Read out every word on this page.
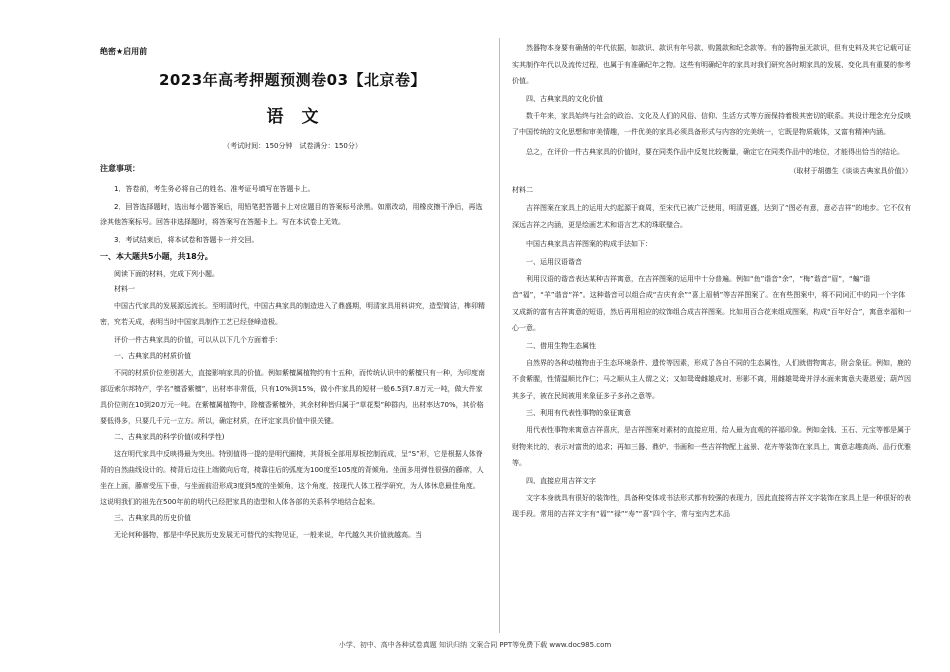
绝密★启用前
2023年高考押题预测卷03【北京卷】
语文
（考试时间：150分钟　试卷满分：150分）
注意事项：

1．答卷前，考生务必将自己的姓名、准考证号填写在答题卡上。

2．回答选择题时，选出每小题答案后，用铅笔把答题卡上对应题目的答案标号涂黑。如需改动，用橡皮擦干净后，再选涂其他答案标号。回答非选择题时，将答案写在答题卡上。写在本试卷上无效。

3．考试结束后，将本试卷和答题卡一并交回。

一、本大题共5小题，共18分。

阅读下面的材料，完成下列小题。

材料一

中国古代家具的发展源远流长。至明清时代，中国古典家具的制造进入了鼎盛期，明清家具用料讲究，造型简洁，榫卯精密，究若天成，表明当时中国家具制作工艺已经登峰造极。

评价一件古典家具的价值，可以从以下几个方面着手：

一、古典家具的材质价值

不同的材质价位差别甚大，直接影响家具的价值。例如紫檀属植物约有十五种，而传统认识中的紫檀只有一种，为印度南部迈索尔邦特产，学名“檀香紫檀”，出材率非常低，只有10%到15%，做小件家具的短材一般6.5到7.8万元一吨，做大件家具价位则在10到20万元一吨。在紫檀属植物中，除檀香紫檀外，其余材种皆归属于“草花梨”种群内，出材率达70%，其价格要低得多，只要几千元一立方。所以，确定材质，在评定家具价值中很关键。

二、古典家具的科学价值(或科学性)

这在明代家具中反映得最为突出。特别值得一提的是明代圈椅，其背板全部用厚板挖制而成，呈“S”形，它是根据人体脊背的自然曲线设计的。椅背后边往上端微向后弯，椅靠往后的弧度为100度至105度的背倾角。坐面多用弹性很强的藤席，人坐在上面，藤席受压下垂，与坐面前沿形成3度到5度的坐倾角，这个角度，按现代人体工程学研究，为人体休息最佳角度。这说明我们的祖先在500年前的明代已经把家具的造型和人体各部的关系科学地结合起来。

三、古典家具的历史价值

无论何种器物，都是中华民族历史发展无可替代的实物见证，一般来说，年代越久其价值就越高。当

然器物本身要有确凿的年代依据，如款识、款识有年号款、购置款和纪念款等。有的器物虽无款识，但有史料及其它记载可证实其制作年代以及流传过程，也属于有准确纪年之物。这些有明确纪年的家具对我们研究各时期家具的发展、变化具有重要的参考价值。

四、古典家具的文化价值

数千年来，家具始终与社会的政治、文化及人们的风俗、信仰、生活方式等方面保持着极其密切的联系。其设计理念充分反映了中国传统的文化思想和审美情趣，一件优美的家具必须具备形式与内容的完美统一，它既是物质载体，又富有精神内涵。

总之，在评价一件古典家具的价值时，要在同类作品中反复比较衡量，确定它在同类作品中的地位，才能得出恰当的结论。

（取材于胡德生《谈谈古典家具价值》）
材料二

吉祥图案在家具上的运用大约起源于商周，至宋代已被广泛使用，明清更盛，达到了“图必有意，意必吉祥”的地步。它不仅有深远吉祥之内涵，更是绘画艺术和语言艺术的珠联璧合。

中国古典家具吉祥图案的构成手法如下：

一、运用汉语谐音

利用汉语的谐音表达某种吉祥寓意，在吉祥图案的运用中十分普遍。例如“鱼”谐音“余”，“梅”谐音“眉”，“蝙”谐音“福”，“羊”谐音“祥”。这种谐音可以组合成“吉庆有余”“喜上眉梢”等吉祥图案了。在有些图案中，将不同词汇中的同一个字体又成新的富有吉祥寓意的短语，然后再用相应的纹饰组合成吉祥图案。比如用百合花来组成图案，构成“百年好合”，寓意幸福和一心一意。

二、借用生物生态属性

自然界的各种动植物由于生态环境条件、遗传等因素，形成了各自不同的生态属性，人们就借物寓志，附会象征。例如，鹿的不食紫腥，性情温顺比作仁；马之顺从主人谓之义；又如鸳鸯雌雄成对、形影不离，用雌雄鸳鸯并浮水面来寓意夫妻恩爱；葫芦因其多子，被在民间被用来象征多子多孙之意等。

三、利用有代表性事物的象征寓意

用代表性事物来寓意吉祥喜庆，是吉祥图案对素材的直接应用，给人最为直观的祥福印象。例如金钱、玉石、元宝等都是属于财物来比的，表示对富贵的追求；再如三器、鼎炉、书画和一些吉祥物配上盆景、花卉等装饰在家具上，寓意志趣高尚、品行优雅等。

四、直接应用吉祥文字

文字本身就具有很好的装饰性，具备种变体或书法形式都有较强的表现力，因此直接将吉祥文字装饰在家具上是一种很好的表现手段。常用的吉祥文字有“福”“禄”“寿”“喜”四个字，常与室内艺术品

小学、初中、高中各种试卷真题 知识归纳 文案合同 PPT等免费下载 www.doc985.com
